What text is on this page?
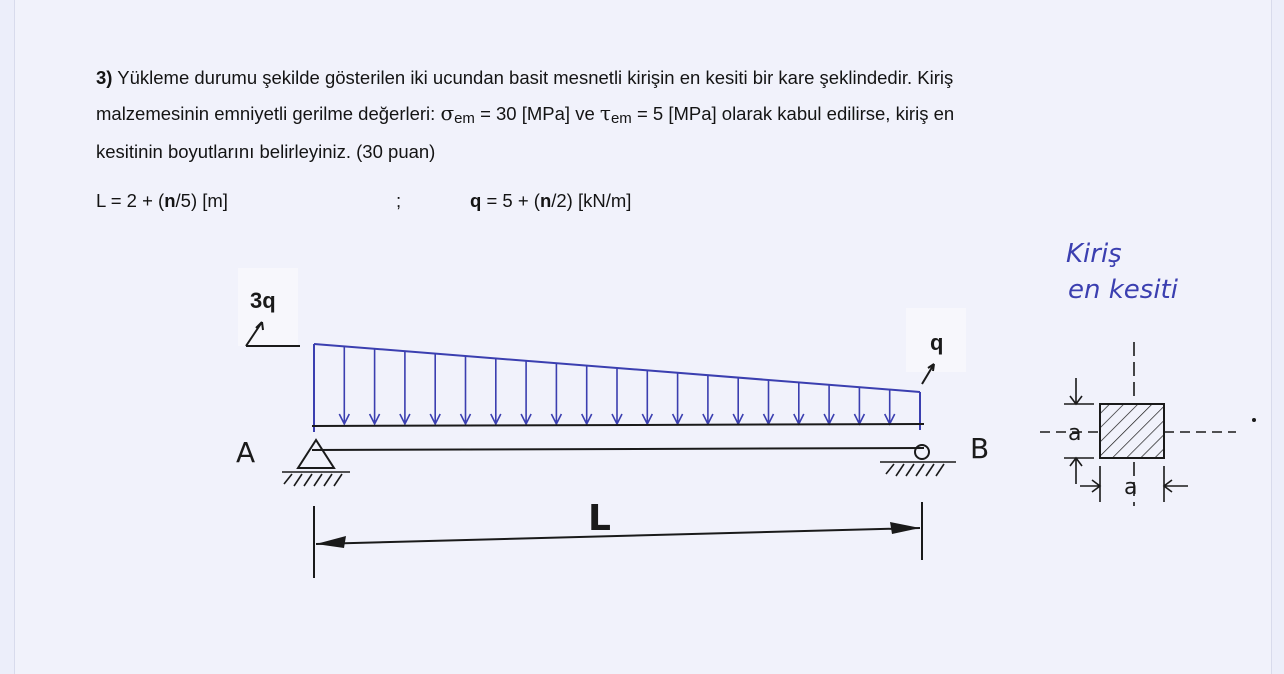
3) Yükleme durumu şekilde gösterilen iki ucundan basit mesnetli kirişin en kesiti bir kare şeklindedir. Kiriş
malzemesinin emniyetli gerilme değerleri: σem = 30 [MPa] ve τem = 5 [MPa] olarak kabul edilirse, kiriş en
kesitinin boyutlarını belirleyiniz. (30 puan)
L = 2 + (n/5) [m]	;	q = 5 + (n/2) [kN/m]
3q
q
A	B
L
Kiriş
en kesiti
a
a
